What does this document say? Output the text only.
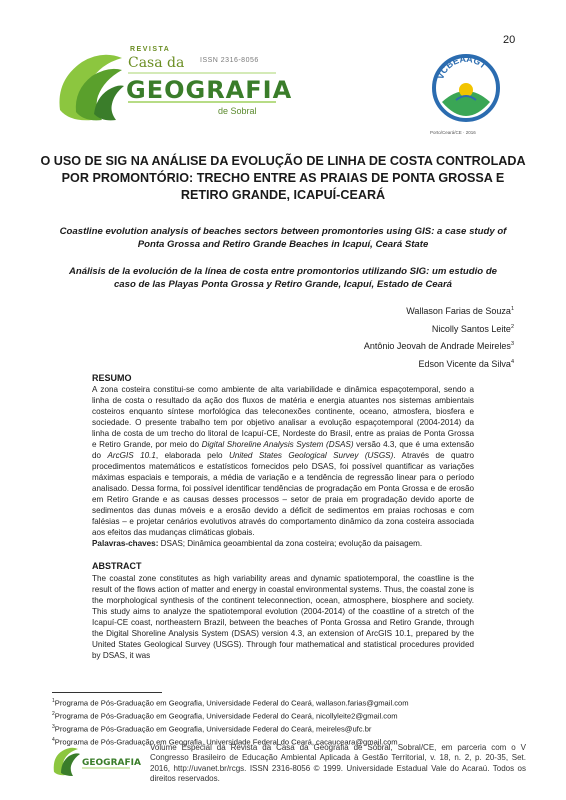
20
REVISTA
Casa da ISSN 2316-8056
GEOGRAFIA
de Sobral
VCBEAAGT
Porto/Ceará/CE · 2016
O USO DE SIG NA ANÁLISE DA EVOLUÇÃO DE LINHA DE COSTA CONTROLADA POR PROMONTÓRIO: TRECHO ENTRE AS PRAIAS DE PONTA GROSSA E RETIRO GRANDE, ICAPUÍ-CEARÁ
Coastline evolution analysis of beaches sectors between promontories using GIS: a case study of Ponta Grossa and Retiro Grande Beaches in Icapuí, Ceará State
Análisis de la evolución de la línea de costa entre promontorios utilizando SIG: um estudio de caso de las Playas Ponta Grossa y Retiro Grande, Icapuí, Estado de Ceará
Wallason Farias de Souza$^1$
Nicolly Santos Leite$^2$
Antônio Jeovah de Andrade Meireles$^3$
Edson Vicente da Silva$^4$
RESUMO
A zona costeira constitui-se como ambiente de alta variabilidade e dinâmica espaçotemporal, sendo a linha de costa o resultado da ação dos fluxos de matéria e energia atuantes nos sistemas ambientais costeiros enquanto síntese morfológica das teleconexões continente, oceano, atmosfera, biosfera e sociedade. O presente trabalho tem por objetivo analisar a evolução espaçotemporal (2004-2014) da linha de costa de um trecho do litoral de Icapuí-CE, Nordeste do Brasil, entre as praias de Ponta Grossa e Retiro Grande, por meio do Digital Shoreline Analysis System (DSAS) versão 4.3, que é uma extensão do ArcGIS 10.1, elaborada pelo United States Geological Survey (USGS). Através de quatro procedimentos matemáticos e estatísticos fornecidos pelo DSAS, foi possível quantificar as variações máximas espaciais e temporais, a média de variação e a tendência de regressão linear para o período analisado. Dessa forma, foi possível identificar tendências de progradação em Ponta Grossa e de erosão em Retiro Grande e as causas desses processos – setor de praia em progradação devido aporte de sedimentos das dunas móveis e a erosão devido a déficit de sedimentos em praias rochosas e com falésias – e projetar cenários evolutivos através do comportamento dinâmico da zona costeira associada aos efeitos das mudanças climáticas globais.
Palavras-chaves: DSAS; Dinâmica geoambiental da zona costeira; evolução da paisagem.
ABSTRACT
The coastal zone constitutes as high variability areas and dynamic spatiotemporal, the coastline is the result of the flows action of matter and energy in coastal environmental systems. Thus, the coastal zone is the morphological synthesis of the continent teleconnection, ocean, atmosphere, biosphere and society. This study aims to analyze the spatiotemporal evolution (2004-2014) of the coastline of a stretch of the Icapuí-CE coast, northeastern Brazil, between the beaches of Ponta Grossa and Retiro Grande, through the Digital Shoreline Analysis System (DSAS) version 4.3, an extension of ArcGIS 10.1, prepared by the United States Geological Survey (USGS). Through four mathematical and statistical procedures provided by DSAS, it was
$^1$Programa de Pós-Graduação em Geografia, Universidade Federal do Ceará, wallason.farias@gmail.com
$^2$Programa de Pós-Graduação em Geografia, Universidade Federal do Ceará, nicollyleite2@gmail.com
$^3$Programa de Pós-Graduação em Geografia, Universidade Federal do Ceará, meireles@ufc.br
$^4$Programa de Pós-Graduação em Geografia, Universidade Federal do Ceará, cacauceara@gmail.com
GEOGRAFIA
Volume Especial da Revista da Casa da Geografia de Sobral, Sobral/CE, em parceria com o V Congresso Brasileiro de Educação Ambiental Aplicada à Gestão Territorial, v. 18, n. 2, p. 20-35, Set. 2016, http://uvanet.br/rcgs. ISSN 2316-8056 © 1999. Universidade Estadual Vale do Acaraú. Todos os direitos reservados.
